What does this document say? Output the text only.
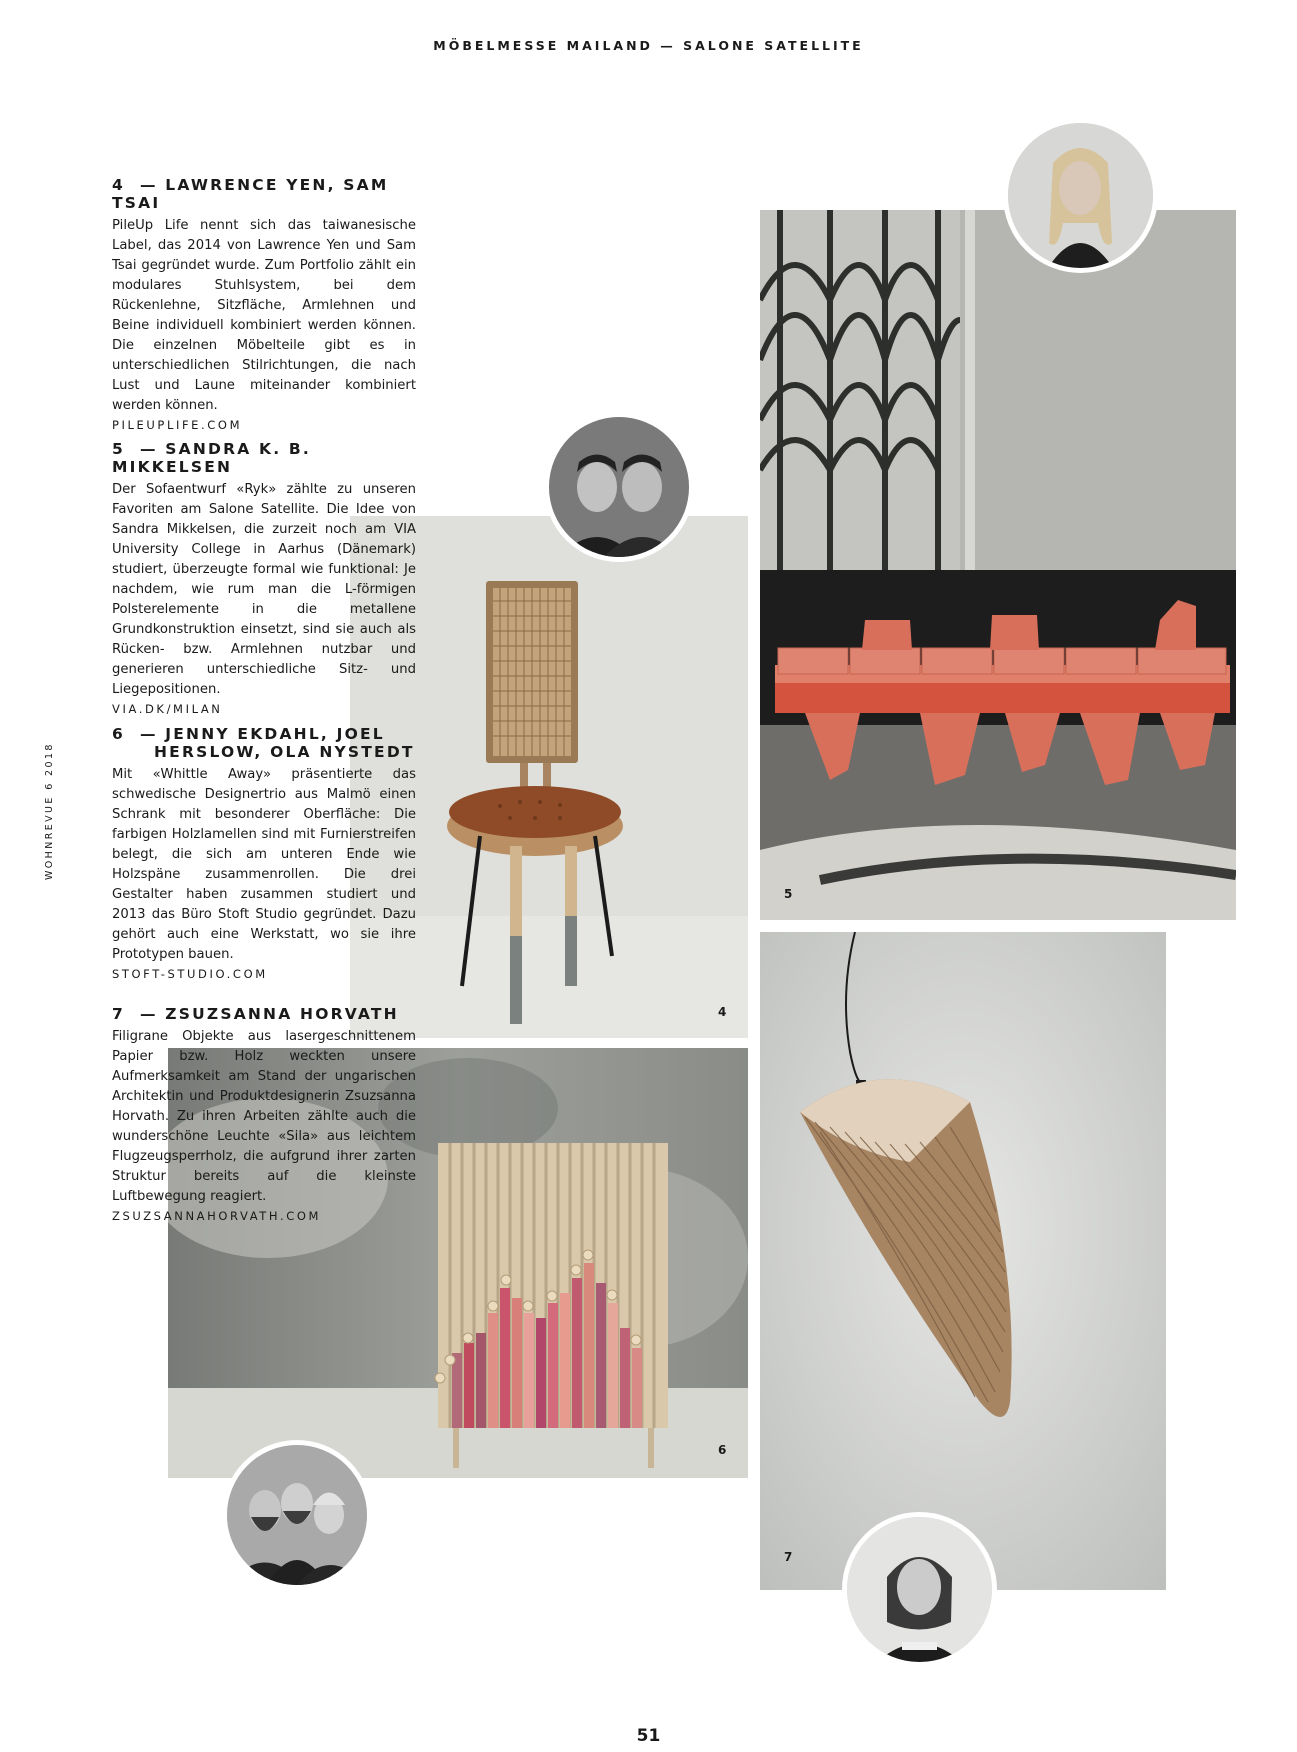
MÖBELMESSE MAILAND — SALONE SATELLITE
WOHNREVUE 6 2018
51
5
4
6
7

4 — LAWRENCE YEN, SAM TSAI

PileUp Life nennt sich das taiwanesische Label, das 2014 von Lawrence Yen und Sam Tsai gegründet wurde. Zum Portfolio zählt ein modulares Stuhlsystem, bei dem Rückenlehne, Sitzfläche, Armlehnen und Beine individuell kombiniert werden können. Die einzelnen Möbelteile gibt es in unterschiedlichen Stilrichtungen, die nach Lust und Laune miteinander kombiniert werden können.

PILEUPLIFE.COM

5 — SANDRA K. B. MIKKELSEN

Der Sofaentwurf «Ryk» zählte zu unseren Favoriten am Salone Satellite. Die Idee von Sandra Mikkelsen, die zurzeit noch am VIA University College in Aarhus (Dänemark) studiert, überzeugte formal wie funktional: Je nachdem, wie rum man die L-förmigen Polsterelemente in die metallene Grundkonstruktion einsetzt, sind sie auch als Rücken- bzw. Armlehnen nutzbar und generieren unterschiedliche Sitz- und Liegepositionen.

VIA.DK/MILAN

6 — JENNY EKDAHL, JOEL
HERSLOW, OLA NYSTEDT

Mit «Whittle Away» präsentierte das schwedische Designertrio aus Malmö einen Schrank mit besonderer Oberfläche: Die farbigen Holzlamellen sind mit Furnierstreifen belegt, die sich am unteren Ende wie Holzspäne zusammenrollen. Die drei Gestalter haben zusammen studiert und 2013 das Büro Stoft Studio gegründet. Dazu gehört auch eine Werkstatt, wo sie ihre Prototypen bauen.

STOFT-STUDIO.COM

7 — ZSUZSANNA HORVATH

Filigrane Objekte aus lasergeschnittenem Papier bzw. Holz weckten unsere Aufmerksamkeit am Stand der ungarischen Architektin und Produktdesignerin Zsuzsanna Horvath. Zu ihren Arbeiten zählte auch die wunderschöne Leuchte «Sila» aus leichtem Flugzeugsperrholz, die aufgrund ihrer zarten Struktur bereits auf die kleinste Luftbewegung reagiert.

ZSUZSANNAHORVATH.COM
